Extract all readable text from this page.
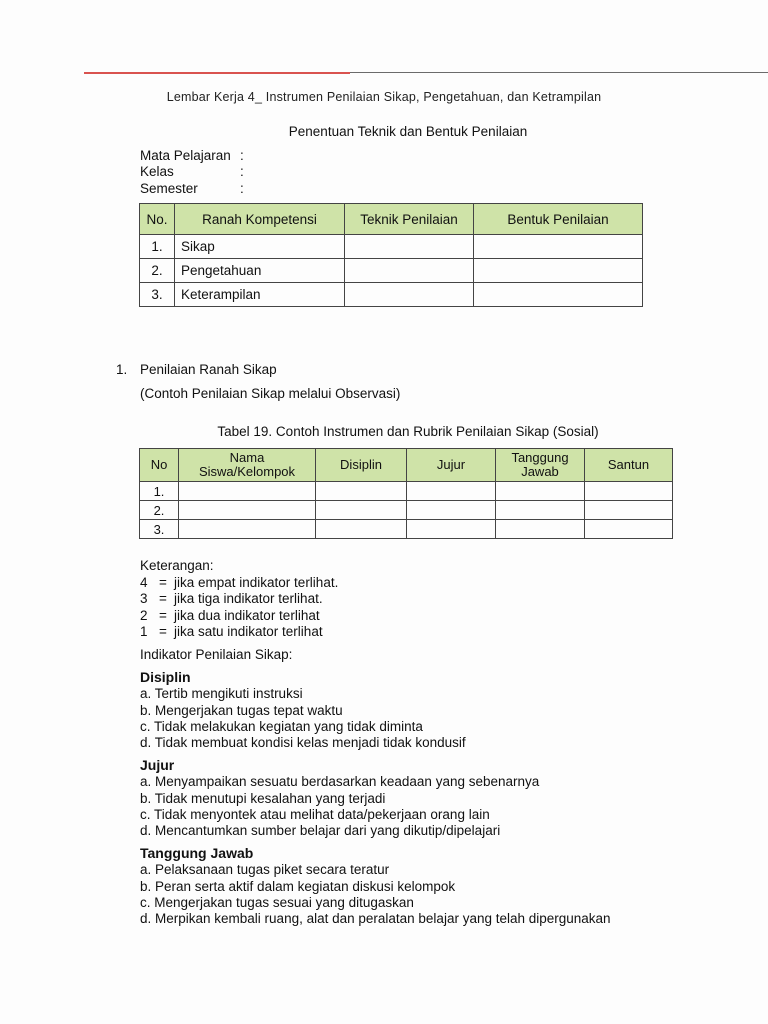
Lembar Kerja 4_ Instrumen Penilaian Sikap, Pengetahuan, dan Ketrampilan
Penentuan Teknik dan Bentuk Penilaian
Mata Pelajaran :
Kelas	:
Semester	:
No.	Ranah Kompetensi	Teknik Penilaian	Bentuk Penilaian
1.	Sikap		
2.	Pengetahuan		
3.	Keterampilan		
1. Penilaian Ranah Sikap
(Contoh Penilaian Sikap melalui Observasi)
Tabel 19. Contoh Instrumen dan Rubrik Penilaian Sikap (Sosial)
No	Nama Siswa/Kelompok	Disiplin	Jujur	Tanggung Jawab	Santun
1.					
2.					
3.					
Keterangan:
4 = jika empat indikator terlihat.
3 = jika tiga indikator terlihat.
2 = jika dua indikator terlihat
1 = jika satu indikator terlihat
Indikator Penilaian Sikap:
Disiplin
a. Tertib mengikuti instruksi
b. Mengerjakan tugas tepat waktu
c. Tidak melakukan kegiatan yang tidak diminta
d. Tidak membuat kondisi kelas menjadi tidak kondusif
Jujur
a. Menyampaikan sesuatu berdasarkan keadaan yang sebenarnya
b. Tidak menutupi kesalahan yang terjadi
c. Tidak menyontek atau melihat data/pekerjaan orang lain
d. Mencantumkan sumber belajar dari yang dikutip/dipelajari
Tanggung Jawab
a. Pelaksanaan tugas piket secara teratur
b. Peran serta aktif dalam kegiatan diskusi kelompok
c. Mengerjakan tugas sesuai yang ditugaskan
d. Merpikan kembali ruang, alat dan peralatan belajar yang telah dipergunakan
